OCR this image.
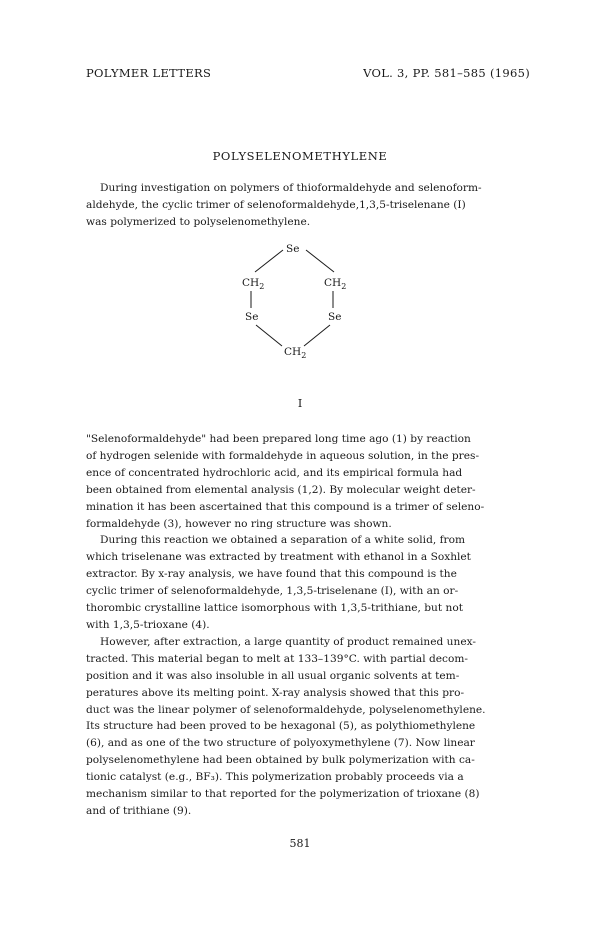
POLYMER LETTERS	VOL. 3, PP. 581–585 (1965)
POLYSELENOMETHYLENE

During investigation on polymers of thioformaldehyde and selenoform-
aldehyde, the cyclic trimer of selenoformaldehyde,1,3,5-triselenane (I)
was polymerized to polyselenomethylene.

Se
$CH_2$	$CH_2$
Se	Se
$CH_2$
I

"Selenoformaldehyde" had been prepared long time ago (1) by reaction
of hydrogen selenide with formaldehyde in aqueous solution, in the pres-
ence of concentrated hydrochloric acid, and its empirical formula had
been obtained from elemental analysis (1,2). By molecular weight deter-
mination it has been ascertained that this compound is a trimer of seleno-
formaldehyde (3), however no ring structure was shown.
During this reaction we obtained a separation of a white solid, from
which triselenane was extracted by treatment with ethanol in a Soxhlet
extractor. By x-ray analysis, we have found that this compound is the
cyclic trimer of selenoformaldehyde, 1,3,5-triselenane (I), with an or-
thorombic crystalline lattice isomorphous with 1,3,5-trithiane, but not
with 1,3,5-trioxane (4).
However, after extraction, a large quantity of product remained unex-
tracted. This material began to melt at 133–139°C. with partial decom-
position and it was also insoluble in all usual organic solvents at tem-
peratures above its melting point. X-ray analysis showed that this pro-
duct was the linear polymer of selenoformaldehyde, polyselenomethylene.
Its structure had been proved to be hexagonal (5), as polythiomethylene
(6), and as one of the two structure of polyoxymethylene (7). Now linear
polyselenomethylene had been obtained by bulk polymerization with ca-
tionic catalyst (e.g., BF₃). This polymerization probably proceeds via a
mechanism similar to that reported for the polymerization of trioxane (8)
and of trithiane (9).

581
